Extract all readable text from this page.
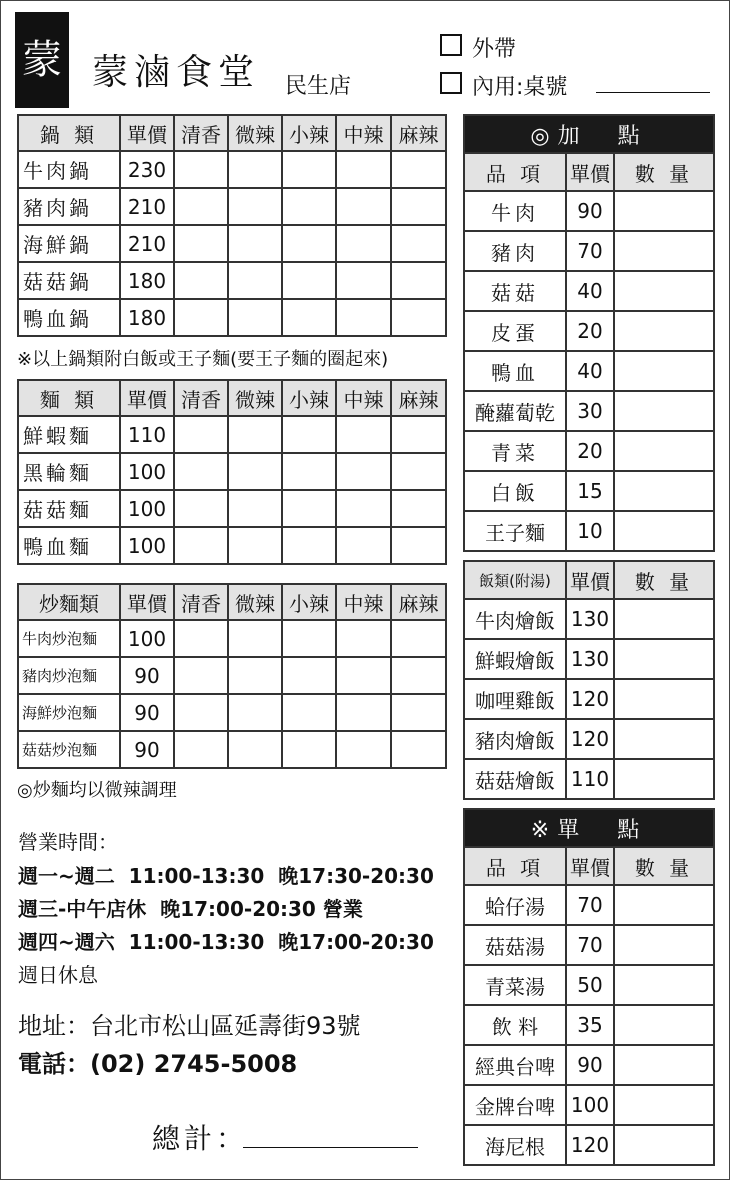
蒙 蒙滷食堂 民生店
外帶
內用:桌號
鍋 類	單價	清香	微辣	小辣	中辣	麻辣
牛肉鍋	230					
豬肉鍋	210					
海鮮鍋	210					
菇菇鍋	180					
鴨血鍋	180					
※以上鍋類附白飯或王子麵(要王子麵的圈起來)
麵 類	單價	清香	微辣	小辣	中辣	麻辣
鮮蝦麵	110					
黑輪麵	100					
菇菇麵	100					
鴨血麵	100					
炒麵類	單價	清香	微辣	小辣	中辣	麻辣
牛肉炒泡麵	100					
豬肉炒泡麵	90					
海鮮炒泡麵	90					
菇菇炒泡麵	90					
◎炒麵均以微辣調理
營業時間：
週一~週二  11:00-13:30  晚17:30-20:30
週三-中午店休  晚17:00-20:30 營業
週四~週六  11:00-13:30  晚17:00-20:30
週日休息
地址：台北市松山區延壽街93號
電話：(02) 2745-5008
總計：
◎加  點		
品 項	單價	數 量
牛肉	90	
豬肉	70	
菇菇	40	
皮蛋	20	
鴨血	40	
醃蘿蔔乾	30	
青菜	20	
白飯	15	
王子麵	10	
飯類(附湯)	單價	數 量
牛肉燴飯	130	
鮮蝦燴飯	130	
咖哩雞飯	120	
豬肉燴飯	120	
菇菇燴飯	110	
※單  點		
品 項	單價	數 量
蛤仔湯	70	
菇菇湯	70	
青菜湯	50	
飲 料	35	
經典台啤	90	
金牌台啤	100	
海尼根	120	
